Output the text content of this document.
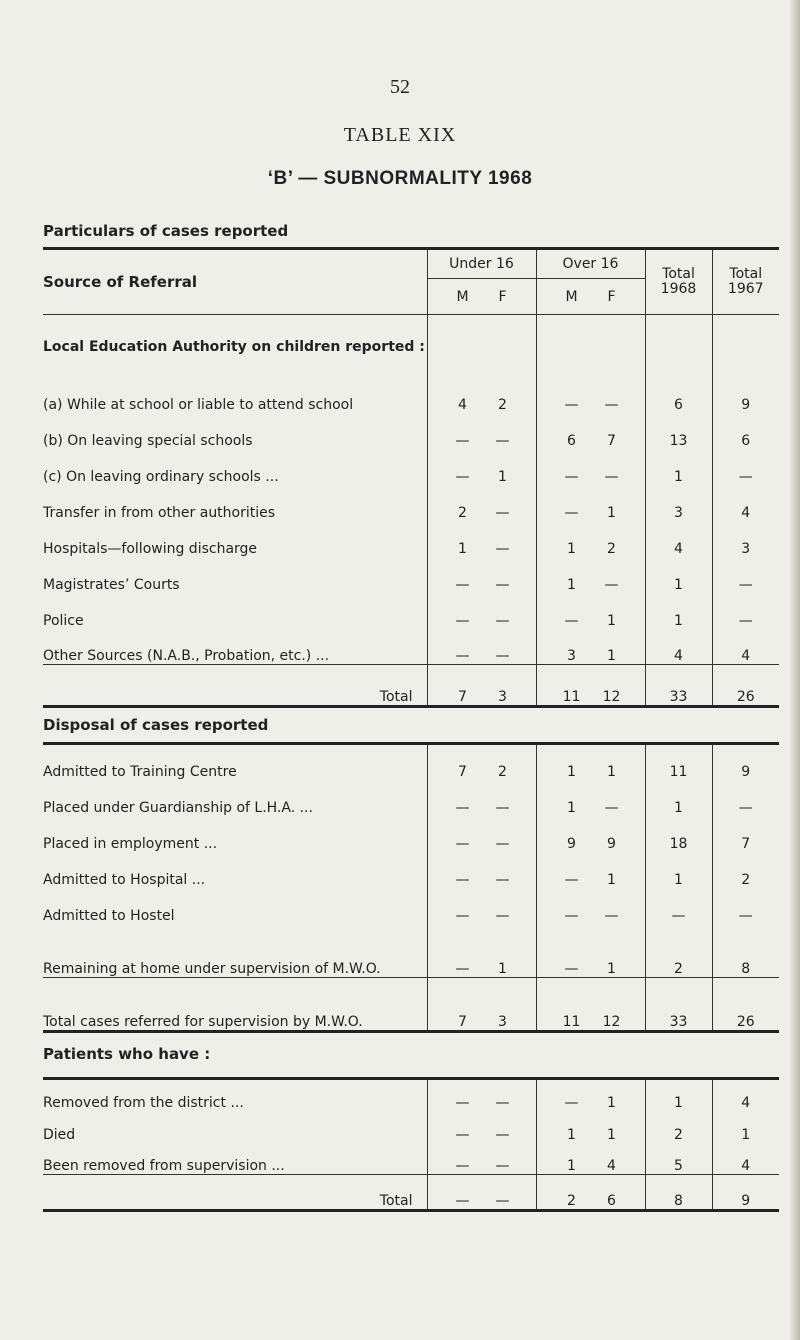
52
TABLE XIX
‘B’ — SUBNORMALITY 1968
Particulars of cases reported
Source of Referral	Under 16	Over 16	Total 1968	Total 1967

	M F	M F		

Local Education Authority on children reported :				
(a) While at school or liable to attend school	4 2	— —	6	9
(b) On leaving special schools	— —	6 7	13	6
(c) On leaving ordinary schools ...	— 1	— —	1	—
Transfer in from other authorities	2 —	— 1	3	4
Hospitals—following discharge	1 —	1 2	4	3
Magistrates’ Courts	— —	1 —	1	—
Police	— —	— 1	1	—
Other Sources (N.A.B., Probation, etc.) ...	— —	3 1	4	4
Total	7 3	11 12	33	26
Disposal of cases reported
Admitted to Training Centre	7 2	1 1	11	9
Placed under Guardianship of L.H.A. ...	— —	1 —	1	—
Placed in employment ...	— —	9 9	18	7
Admitted to Hospital ...	— —	— 1	1	2
Admitted to Hostel	— —	— —	—	—
Remaining at home under supervision of M.W.O.	— 1	— 1	2	8
Total cases referred for supervision by M.W.O.	7 3	11 12	33	26
Patients who have :
Removed from the district ...	— —	— 1	1	4
Died	— —	1 1	2	1
Been removed from supervision ...	— —	1 4	5	4
Total	— —	2 6	8	9
